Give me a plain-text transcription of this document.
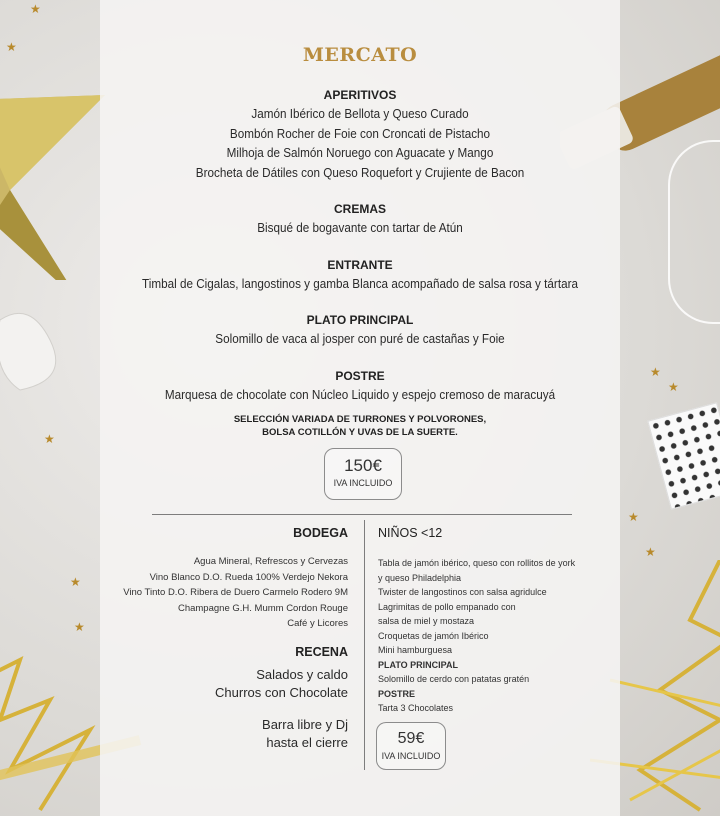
★
★
★
★
★
★
★
★
★
MERCATO
APERITIVOS
Jamón Ibérico de Bellota y Queso Curado
Bombón Rocher de Foie con Croncati de Pistacho
Milhoja de Salmón Noruego con Aguacate y Mango
Brocheta de Dátiles con Queso Roquefort y Crujiente de Bacon
CREMAS
Bisqué de bogavante con tartar de Atún
ENTRANTE
Timbal de Cigalas, langostinos y gamba Blanca acompañado de salsa rosa y tártara
PLATO PRINCIPAL
Solomillo de vaca al josper con puré de castañas y Foie
POSTRE
Marquesa de chocolate con Núcleo Liquido y espejo cremoso de maracuyá
SELECCIÓN VARIADA DE TURRONES Y POLVORONES,
BOLSA COTILLÓN Y UVAS DE LA SUERTE.
150€
IVA INCLUIDO
BODEGA
Agua Mineral, Refrescos y Cervezas
Vino Blanco D.O. Rueda 100% Verdejo Nekora
Vino Tinto D.O. Ribera de Duero Carmelo Rodero 9M
Champagne G.H. Mumm Cordon Rouge
Café y Licores
RECENA
Salados y caldo
Churros con Chocolate
Barra libre y Dj
hasta el cierre
NIÑOS <12
Tabla de jamón ibérico, queso con rollitos de york
y queso Philadelphia
Twister de langostinos con salsa agridulce
Lagrimitas de pollo empanado con
salsa de miel y mostaza
Croquetas de jamón Ibérico
Mini hamburguesa
PLATO PRINCIPAL
Solomillo de cerdo con patatas gratén
POSTRE
Tarta 3 Chocolates
59€
IVA INCLUIDO
